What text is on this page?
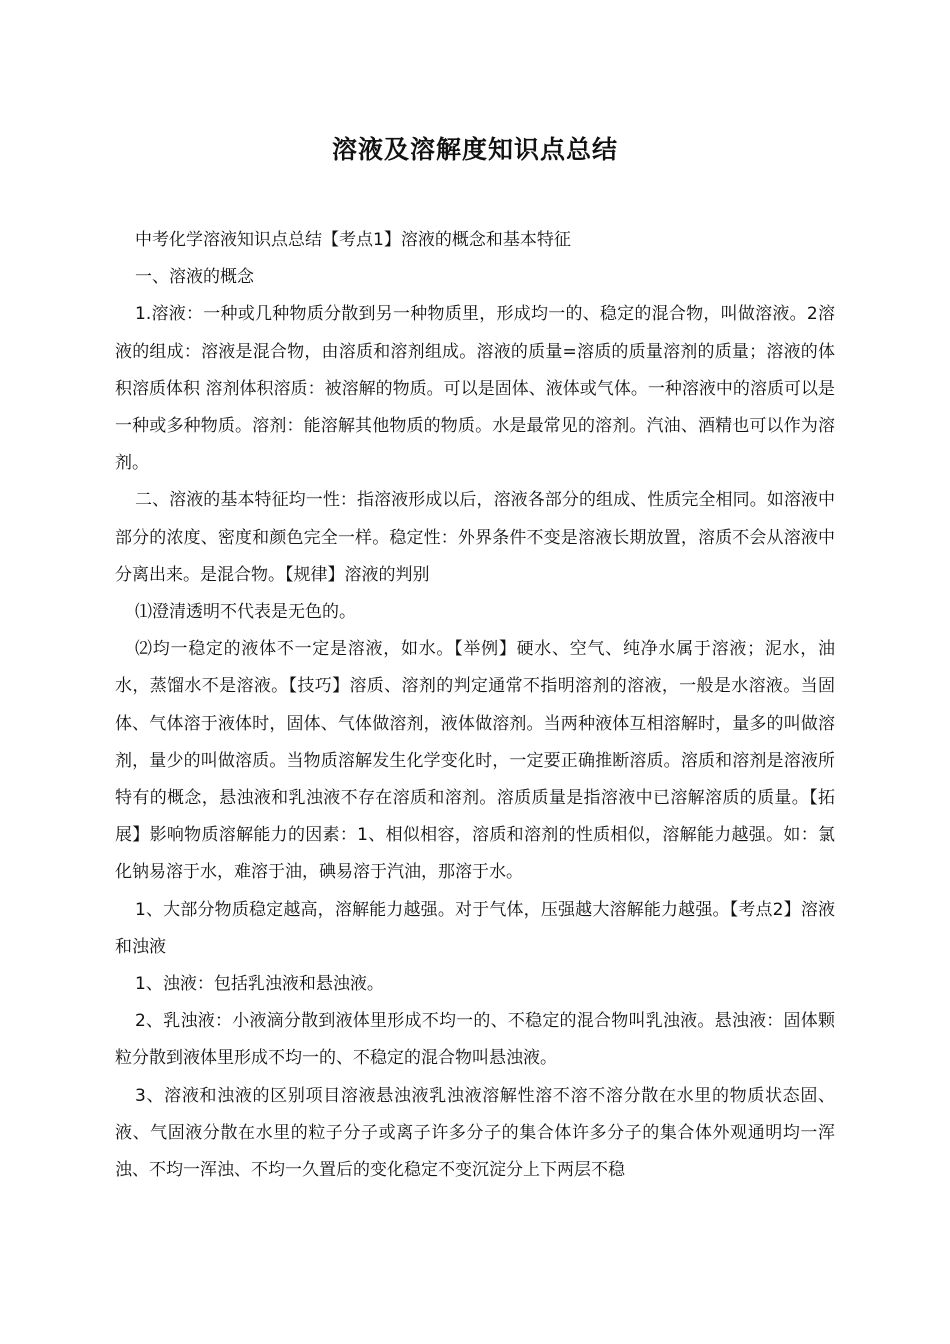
溶液及溶解度知识点总结

中考化学溶液知识点总结【考点1】溶液的概念和基本特征

一、溶液的概念

1.溶液：一种或几种物质分散到另一种物质里，形成均一的、稳定的混合物，叫做溶液。2溶液的组成：溶液是混合物，由溶质和溶剂组成。溶液的质量=溶质的质量溶剂的质量；溶液的体积溶质体积 溶剂体积溶质：被溶解的物质。可以是固体、液体或气体。一种溶液中的溶质可以是一种或多种物质。溶剂：能溶解其他物质的物质。水是最常见的溶剂。汽油、酒精也可以作为溶剂。

二、溶液的基本特征均一性：指溶液形成以后，溶液各部分的组成、性质完全相同。如溶液中部分的浓度、密度和颜色完全一样。稳定性：外界条件不变是溶液长期放置，溶质不会从溶液中分离出来。是混合物。【规律】溶液的判别

⑴澄清透明不代表是无色的。

⑵均一稳定的液体不一定是溶液，如水。【举例】硬水、空气、纯净水属于溶液；泥水，油水，蒸馏水不是溶液。【技巧】溶质、溶剂的判定通常不指明溶剂的溶液，一般是水溶液。当固体、气体溶于液体时，固体、气体做溶剂，液体做溶剂。当两种液体互相溶解时，量多的叫做溶剂，量少的叫做溶质。当物质溶解发生化学变化时，一定要正确推断溶质。溶质和溶剂是溶液所特有的概念，悬浊液和乳浊液不存在溶质和溶剂。溶质质量是指溶液中已溶解溶质的质量。【拓展】影响物质溶解能力的因素：1、相似相容，溶质和溶剂的性质相似，溶解能力越强。如：氯化钠易溶于水，难溶于油，碘易溶于汽油，那溶于水。

1、大部分物质稳定越高，溶解能力越强。对于气体，压强越大溶解能力越强。【考点2】溶液和浊液

1、浊液：包括乳浊液和悬浊液。

2、乳浊液：小液滴分散到液体里形成不均一的、不稳定的混合物叫乳浊液。悬浊液：固体颗粒分散到液体里形成不均一的、不稳定的混合物叫悬浊液。

3、溶液和浊液的区别项目溶液悬浊液乳浊液溶解性溶不溶不溶分散在水里的物质状态固、液、气固液分散在水里的粒子分子或离子许多分子的集合体许多分子的集合体外观通明均一浑浊、不均一浑浊、不均一久置后的变化稳定不变沉淀分上下两层不稳
